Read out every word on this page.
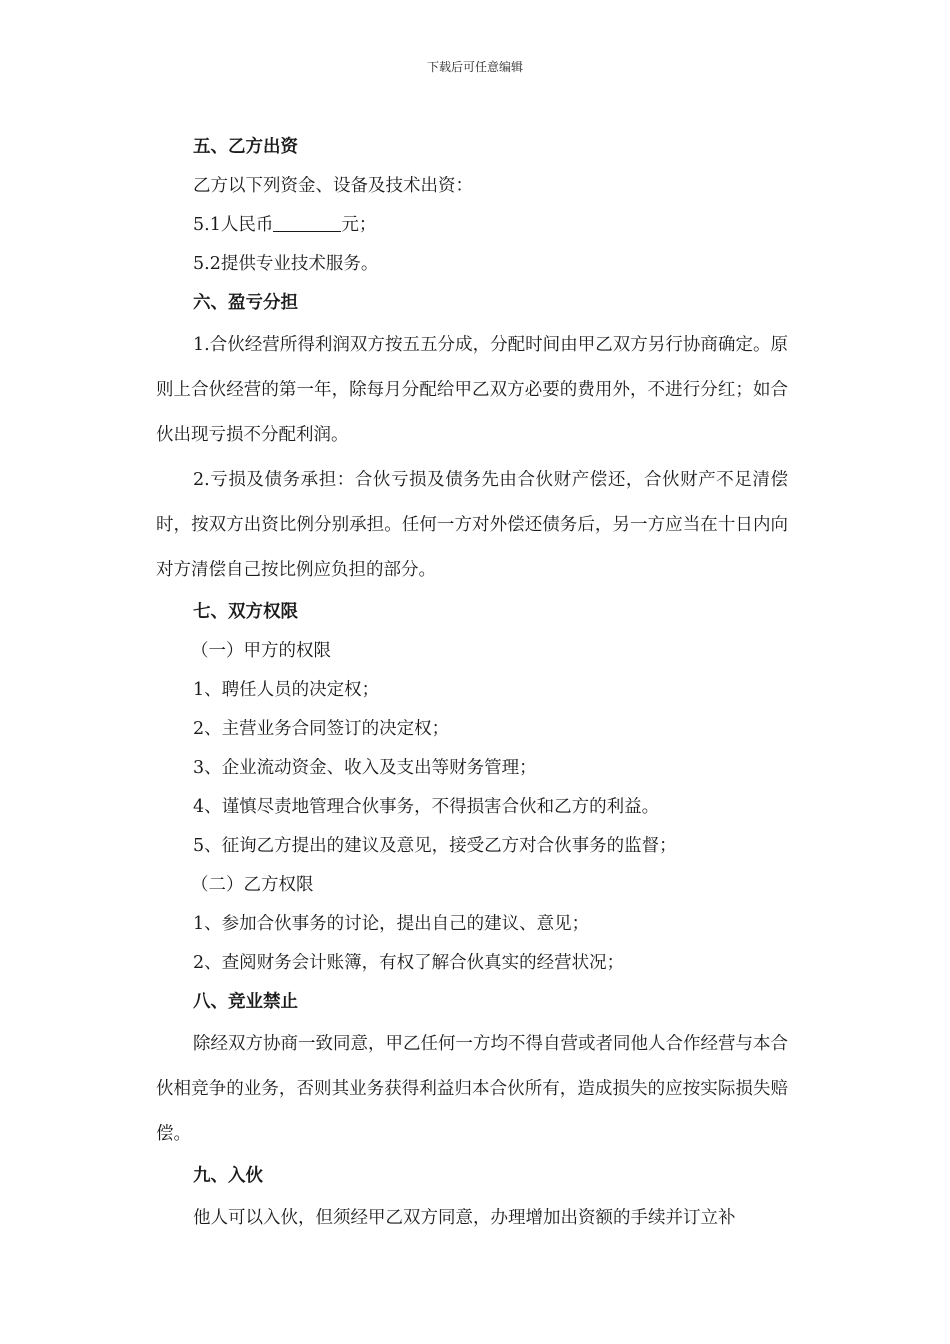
下载后可任意编辑

五、乙方出资

乙方以下列资金、设备及技术出资：

5.1人民币	元；

5.2提供专业技术服务。

六、盈亏分担

1.合伙经营所得利润双方按五五分成，分配时间由甲乙双方另行协商确定。原则上合伙经营的第一年，除每月分配给甲乙双方必要的费用外，不进行分红；如合伙出现亏损不分配利润。

2.亏损及债务承担：合伙亏损及债务先由合伙财产偿还，合伙财产不足清偿时，按双方出资比例分别承担。任何一方对外偿还债务后，另一方应当在十日内向对方清偿自己按比例应负担的部分。

七、双方权限

（一）甲方的权限

1、聘任人员的决定权；

2、主营业务合同签订的决定权；

3、企业流动资金、收入及支出等财务管理；

4、谨慎尽责地管理合伙事务，不得损害合伙和乙方的利益。

5、征询乙方提出的建议及意见，接受乙方对合伙事务的监督；

（二）乙方权限

1、参加合伙事务的讨论，提出自己的建议、意见；

2、查阅财务会计账簿，有权了解合伙真实的经营状况；

八、竞业禁止

除经双方协商一致同意，甲乙任何一方均不得自营或者同他人合作经营与本合伙相竞争的业务，否则其业务获得利益归本合伙所有，造成损失的应按实际损失赔偿。

九、入伙

他人可以入伙，但须经甲乙双方同意，办理增加出资额的手续并订立补
